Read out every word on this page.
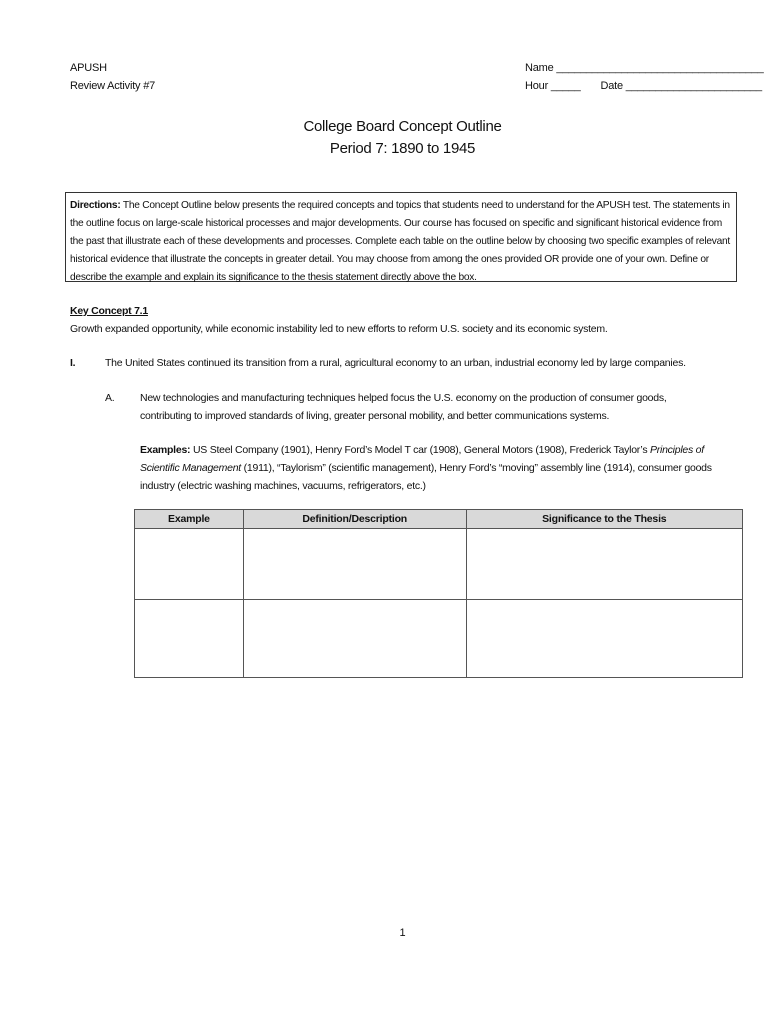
APUSH
Review Activity #7
Name ___________________________________
Hour _____       Date _______________________
College Board Concept Outline
Period 7: 1890 to 1945
Directions: The Concept Outline below presents the required concepts and topics that students need to understand for the APUSH test. The statements in the outline focus on large-scale historical processes and major developments. Our course has focused on specific and significant historical evidence from the past that illustrate each of these developments and processes. Complete each table on the outline below by choosing two specific examples of relevant historical evidence that illustrate the concepts in greater detail. You may choose from among the ones provided OR provide one of your own. Define or describe the example and explain its significance to the thesis statement directly above the box.
Key Concept 7.1
Growth expanded opportunity, while economic instability led to new efforts to reform U.S. society and its economic system.
I.	The United States continued its transition from a rural, agricultural economy to an urban, industrial economy led by large companies.
A. New technologies and manufacturing techniques helped focus the U.S. economy on the production of consumer goods, contributing to improved standards of living, greater personal mobility, and better communications systems.
Examples: US Steel Company (1901), Henry Ford’s Model T car (1908), General Motors (1908), Frederick Taylor’s Principles of Scientific Management (1911), “Taylorism” (scientific management), Henry Ford’s “moving” assembly line (1914), consumer goods industry (electric washing machines, vacuums, refrigerators, etc.)
Example	Definition/Description	Significance to the Thesis

1
